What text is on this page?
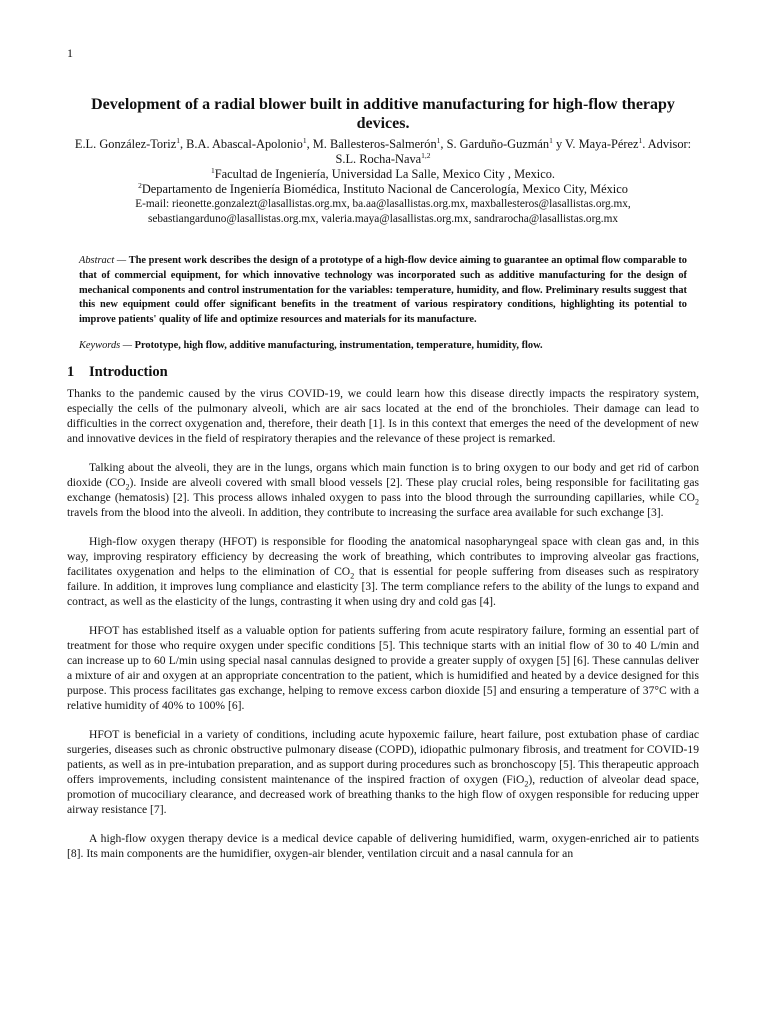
1
Development of a radial blower built in additive manufacturing for high-flow therapy devices.

E.L. González-Toriz$^1$, B.A. Abascal-Apolonio$^1$, M. Ballesteros-Salmerón$^1$, S. Garduño-Guzmán$^1$ y V. Maya-Pérez$^1$. Advisor: S.L. Rocha-Nava$^{1,2}$

$^1$Facultad de Ingeniería, Universidad La Salle, Mexico City , Mexico.

$^2$Departamento de Ingeniería Biomédica, Instituto Nacional de Cancerología, Mexico City, México

E-mail: rieonette.gonzalezt@lasallistas.org.mx, ba.aa@lasallistas.org.mx, maxballesteros@lasallistas.org.mx,

sebastiangarduno@lasallistas.org.mx, valeria.maya@lasallistas.org.mx, sandrarocha@lasallistas.org.mx

Abstract — The present work describes the design of a prototype of a high-flow device aiming to guarantee an optimal flow comparable to that of commercial equipment, for which innovative technology was incorporated such as additive manufacturing for the design of mechanical components and control instrumentation for the variables: temperature, humidity, and flow. Preliminary results suggest that this new equipment could offer significant benefits in the treatment of various respiratory conditions, highlighting its potential to improve patients' quality of life and optimize resources and materials for its manufacture.

Keywords — Prototype, high flow, additive manufacturing, instrumentation, temperature, humidity, flow.

1 Introduction

Thanks to the pandemic caused by the virus COVID-19, we could learn how this disease directly impacts the respiratory system, especially the cells of the pulmonary alveoli, which are air sacs located at the end of the bronchioles. Their damage can lead to difficulties in the correct oxygenation and, therefore, their death [1]. Is in this context that emerges the need of the development of new and innovative devices in the field of respiratory therapies and the relevance of these project is remarked.

Talking about the alveoli, they are in the lungs, organs which main function is to bring oxygen to our body and get rid of carbon dioxide $(CO_2)$. Inside are alveoli covered with small blood vessels [2]. These play crucial roles, being responsible for facilitating gas exchange (hematosis) [2]. This process allows inhaled oxygen to pass into the blood through the surrounding capillaries, while $CO_2$ travels from the blood into the alveoli. In addition, they contribute to increasing the surface area available for such exchange [3].

High-flow oxygen therapy (HFOT) is responsible for flooding the anatomical nasopharyngeal space with clean gas and, in this way, improving respiratory efficiency by decreasing the work of breathing, which contributes to improving alveolar gas fractions, facilitates oxygenation and helps to the elimination of $CO_2$ that is essential for people suffering from diseases such as respiratory failure. In addition, it improves lung compliance and elasticity [3]. The term compliance refers to the ability of the lungs to expand and contract, as well as the elasticity of the lungs, contrasting it when using dry and cold gas [4].

HFOT has established itself as a valuable option for patients suffering from acute respiratory failure, forming an essential part of treatment for those who require oxygen under specific conditions [5]. This technique starts with an initial flow of 30 to 40 L/min and can increase up to 60 L/min using special nasal cannulas designed to provide a greater supply of oxygen [5] [6]. These cannulas deliver a mixture of air and oxygen at an appropriate concentration to the patient, which is humidified and heated by a device designed for this purpose. This process facilitates gas exchange, helping to remove excess carbon dioxide [5] and ensuring a temperature of 37°C with a relative humidity of 40% to 100% [6].

HFOT is beneficial in a variety of conditions, including acute hypoxemic failure, heart failure, post extubation phase of cardiac surgeries, diseases such as chronic obstructive pulmonary disease (COPD), idiopathic pulmonary fibrosis, and treatment for COVID-19 patients, as well as in pre-intubation preparation, and as support during procedures such as bronchoscopy [5]. This therapeutic approach offers improvements, including consistent maintenance of the inspired fraction of oxygen (FiO$_2$), reduction of alveolar dead space, promotion of mucociliary clearance, and decreased work of breathing thanks to the high flow of oxygen responsible for reducing upper airway resistance [7].

A high-flow oxygen therapy device is a medical device capable of delivering humidified, warm, oxygen-enriched air to patients [8]. Its main components are the humidifier, oxygen-air blender, ventilation circuit and a nasal cannula for an
